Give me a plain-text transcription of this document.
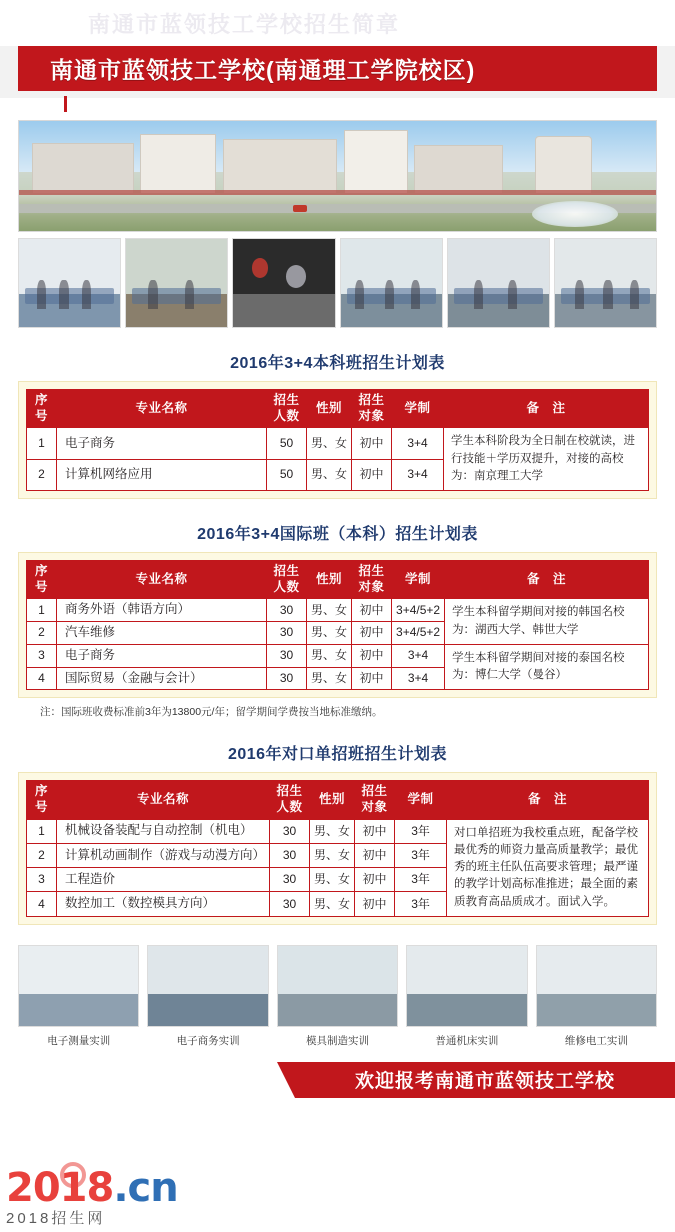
南通市蓝领技工学校招生简章
南通市蓝领技工学校(南通理工学院校区)
2016年3+4本科班招生计划表
序号	专业名称	招生人数	性别	招生对象	学制	备　注
1	电子商务	50	男、女	初中	3+4	学生本科阶段为全日制在校就读，进行技能＋学历双提升，对接的高校为：南京理工大学
2	计算机网络应用	50	男、女	初中	3+4	
2016年3+4国际班（本科）招生计划表
序号	专业名称	招生人数	性别	招生对象	学制	备　注
1	商务外语（韩语方向）	30	男、女	初中	3+4/5+2	学生本科留学期间对接的韩国名校为：湖西大学、韩世大学
2	汽车维修	30	男、女	初中	3+4/5+2	
3	电子商务	30	男、女	初中	3+4	学生本科留学期间对接的泰国名校为：博仁大学（曼谷）
4	国际贸易（金融与会计）	30	男、女	初中	3+4	
注：国际班收费标准前3年为13800元/年；留学期间学费按当地标准缴纳。
2016年对口单招班招生计划表
序号	专业名称	招生人数	性别	招生对象	学制	备　注
1	机械设备装配与自动控制（机电）	30	男、女	初中	3年	对口单招班为我校重点班，配备学校最优秀的师资力量高质量教学；最优秀的班主任队伍高要求管理；最严谨的教学计划高标准推进；最全面的素质教育高品质成才。面试入学。
2	计算机动画制作（游戏与动漫方向）	30	男、女	初中	3年	
3	工程造价	30	男、女	初中	3年	
4	数控加工（数控模具方向）	30	男、女	初中	3年	
电子测量实训	电子商务实训	模具制造实训	普通机床实训	维修电工实训
欢迎报考南通市蓝领技工学校
2018.cn
2018招生网
